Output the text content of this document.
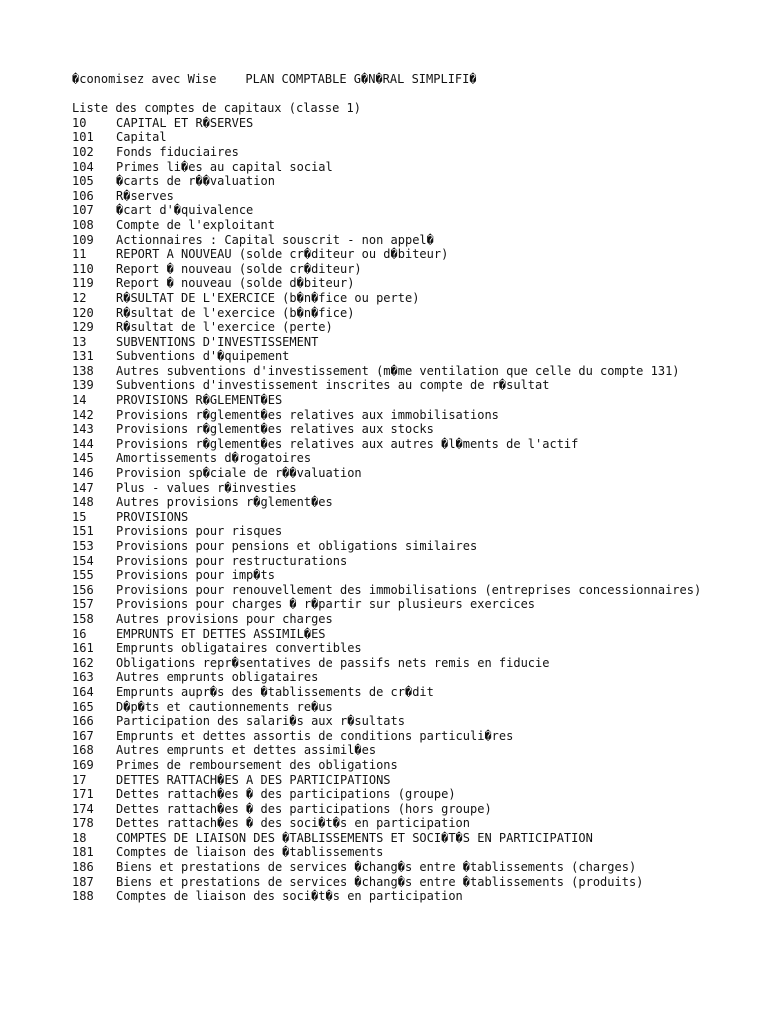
�conomisez avec Wise PLAN COMPTABLE G�N�RAL SIMPLIFI�
Liste des comptes de capitaux (classe 1)
10 CAPITAL ET R�SERVES
101 Capital
102 Fonds fiduciaires
104 Primes li�es au capital social
105 �carts de r��valuation
106 R�serves
107 �cart d'�quivalence
108 Compte de l'exploitant
109 Actionnaires : Capital souscrit - non appel�
11 REPORT A NOUVEAU (solde cr�diteur ou d�biteur)
110 Report � nouveau (solde cr�diteur)
119 Report � nouveau (solde d�biteur)
12 R�SULTAT DE L'EXERCICE (b�n�fice ou perte)
120 R�sultat de l'exercice (b�n�fice)
129 R�sultat de l'exercice (perte)
13 SUBVENTIONS D'INVESTISSEMENT
131 Subventions d'�quipement
138 Autres subventions d'investissement (m�me ventilation que celle du compte 131)
139 Subventions d'investissement inscrites au compte de r�sultat
14 PROVISIONS R�GLEMENT�ES
142 Provisions r�glement�es relatives aux immobilisations
143 Provisions r�glement�es relatives aux stocks
144 Provisions r�glement�es relatives aux autres �l�ments de l'actif
145 Amortissements d�rogatoires
146 Provision sp�ciale de r��valuation
147 Plus - values r�investies
148 Autres provisions r�glement�es
15 PROVISIONS
151 Provisions pour risques
153 Provisions pour pensions et obligations similaires
154 Provisions pour restructurations
155 Provisions pour imp�ts
156 Provisions pour renouvellement des immobilisations (entreprises concessionnaires)
157 Provisions pour charges � r�partir sur plusieurs exercices
158 Autres provisions pour charges
16 EMPRUNTS ET DETTES ASSIMIL�ES
161 Emprunts obligataires convertibles
162 Obligations repr�sentatives de passifs nets remis en fiducie
163 Autres emprunts obligataires
164 Emprunts aupr�s des �tablissements de cr�dit
165 D�p�ts et cautionnements re�us
166 Participation des salari�s aux r�sultats
167 Emprunts et dettes assortis de conditions particuli�res
168 Autres emprunts et dettes assimil�es
169 Primes de remboursement des obligations
17 DETTES RATTACH�ES A DES PARTICIPATIONS
171 Dettes rattach�es � des participations (groupe)
174 Dettes rattach�es � des participations (hors groupe)
178 Dettes rattach�es � des soci�t�s en participation
18 COMPTES DE LIAISON DES �TABLISSEMENTS ET SOCI�T�S EN PARTICIPATION
181 Comptes de liaison des �tablissements
186 Biens et prestations de services �chang�s entre �tablissements (charges)
187 Biens et prestations de services �chang�s entre �tablissements (produits)
188 Comptes de liaison des soci�t�s en participation
